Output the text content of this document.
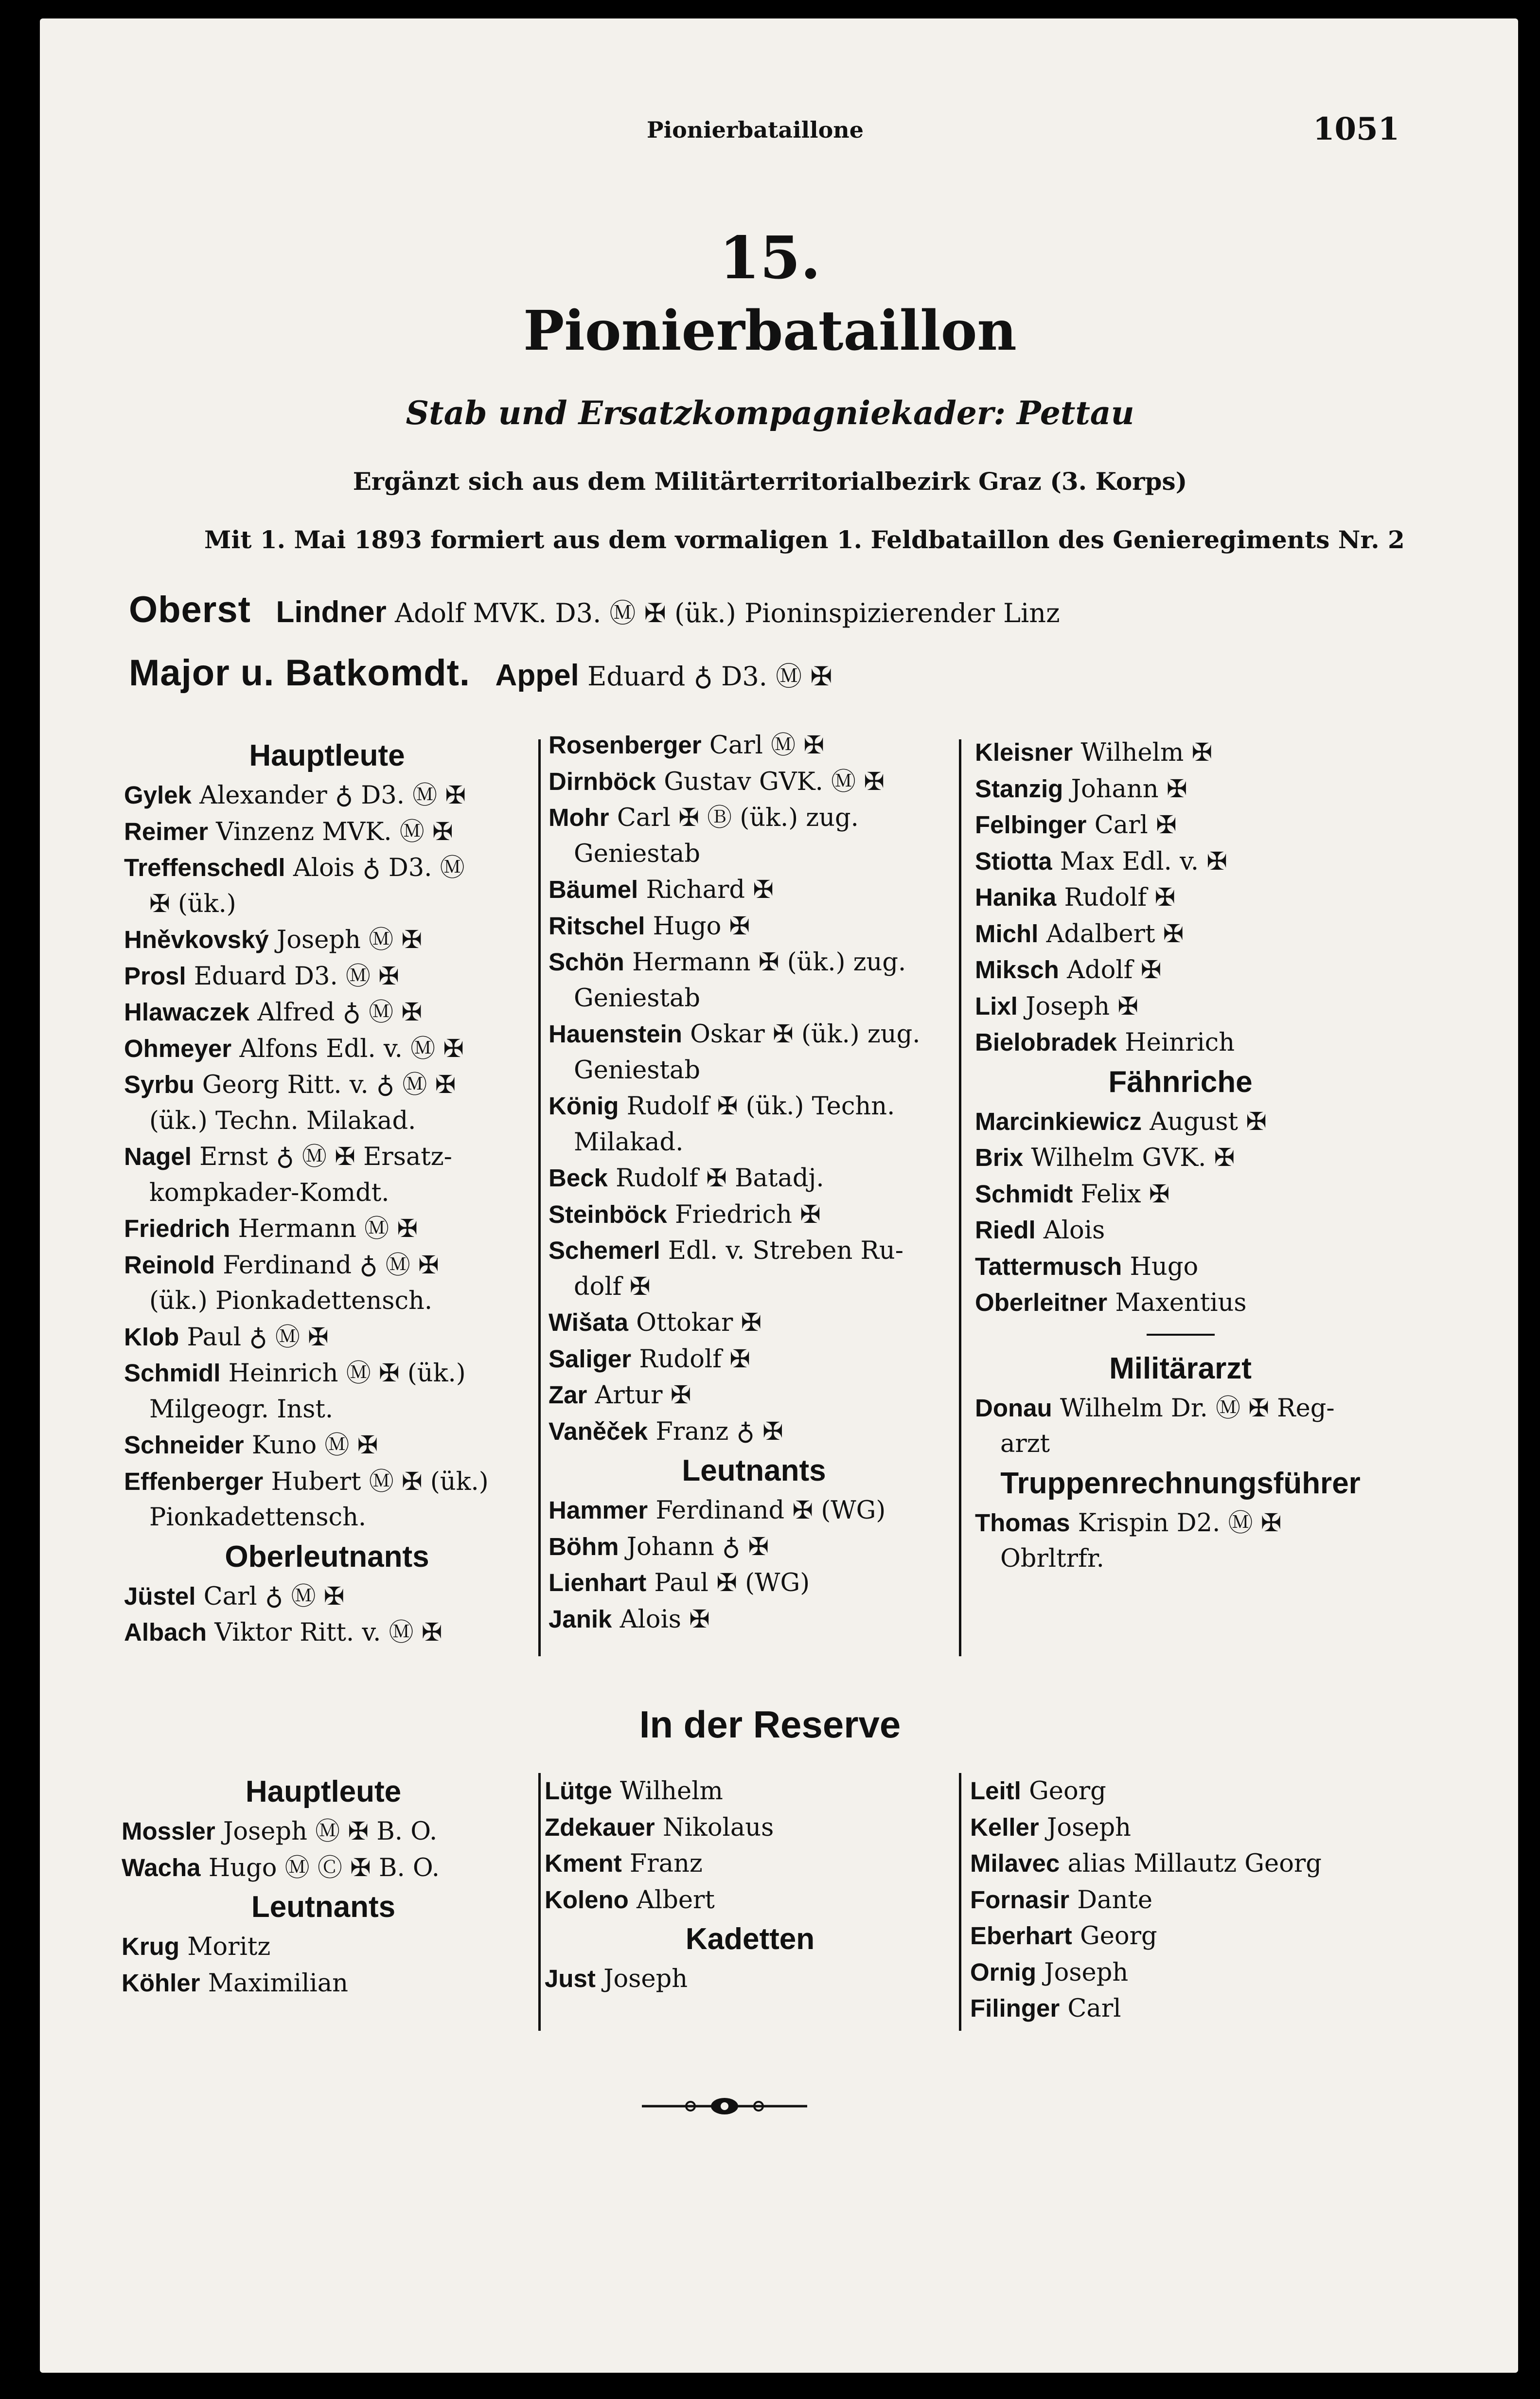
Pionierbataillone	1051
15.
Pionierbataillon
Stab und Ersatzkompagniekader: Pettau
Ergänzt sich aus dem Militärterritorialbezirk Graz (3. Korps)
Mit 1. Mai 1893 formiert aus dem vormaligen 1. Feldbataillon des Genieregiments Nr. 2
Oberst Lindner Adolf MVK. D3. Ⓜ ✠ (ük.) Pioninspizierender Linz
Major u. Batkomdt. Appel Eduard ♁ D3. Ⓜ ✠
Hauptleute
Gylek Alexander ♁ D3. Ⓜ ✠
Reimer Vinzenz MVK. Ⓜ ✠
Treffenschedl Alois ♁ D3. Ⓜ
✠ (ük.)
Hněvkovský Joseph Ⓜ ✠
Prosl Eduard D3. Ⓜ ✠
Hlawaczek Alfred ♁ Ⓜ ✠
Ohmeyer Alfons Edl. v. Ⓜ ✠
Syrbu Georg Ritt. v. ♁ Ⓜ ✠
(ük.) Techn. Milakad.
Nagel Ernst ♁ Ⓜ ✠ Ersatz-
kompkader-Komdt.
Friedrich Hermann Ⓜ ✠
Reinold Ferdinand ♁ Ⓜ ✠
(ük.) Pionkadettensch.
Klob Paul ♁ Ⓜ ✠
Schmidl Heinrich Ⓜ ✠ (ük.)
Milgeogr. Inst.
Schneider Kuno Ⓜ ✠
Effenberger Hubert Ⓜ ✠ (ük.)
Pionkadettensch.
Oberleutnants
Jüstel Carl ♁ Ⓜ ✠
Albach Viktor Ritt. v. Ⓜ ✠
Rosenberger Carl Ⓜ ✠
Dirnböck Gustav GVK. Ⓜ ✠
Mohr Carl ✠ Ⓑ (ük.) zug.
Geniestab
Bäumel Richard ✠
Ritschel Hugo ✠
Schön Hermann ✠ (ük.) zug.
Geniestab
Hauenstein Oskar ✠ (ük.) zug.
Geniestab
König Rudolf ✠ (ük.) Techn.
Milakad.
Beck Rudolf ✠ Batadj.
Steinböck Friedrich ✠
Schemerl Edl. v. Streben Ru-
dolf ✠
Wišata Ottokar ✠
Saliger Rudolf ✠
Zar Artur ✠
Vaněček Franz ♁ ✠
Leutnants
Hammer Ferdinand ✠ (WG)
Böhm Johann ♁ ✠
Lienhart Paul ✠ (WG)
Janik Alois ✠
Kleisner Wilhelm ✠
Stanzig Johann ✠
Felbinger Carl ✠
Stiotta Max Edl. v. ✠
Hanika Rudolf ✠
Michl Adalbert ✠
Miksch Adolf ✠
Lixl Joseph ✠
Bielobradek Heinrich
Fähnriche
Marcinkiewicz August ✠
Brix Wilhelm GVK. ✠
Schmidt Felix ✠
Riedl Alois
Tattermusch Hugo
Oberleitner Maxentius
Militärarzt
Donau Wilhelm Dr. Ⓜ ✠ Reg-
arzt
Truppenrechnungsführer
Thomas Krispin D2. Ⓜ ✠
Obrltrfr.
In der Reserve
Hauptleute
Mossler Joseph Ⓜ ✠ B. O.
Wacha Hugo Ⓜ Ⓒ ✠ B. O.
Leutnants
Krug Moritz
Köhler Maximilian
Lütge Wilhelm
Zdekauer Nikolaus
Kment Franz
Koleno Albert
Kadetten
Just Joseph
Leitl Georg
Keller Joseph
Milavec alias Millautz Georg
Fornasir Dante
Eberhart Georg
Ornig Joseph
Filinger Carl
